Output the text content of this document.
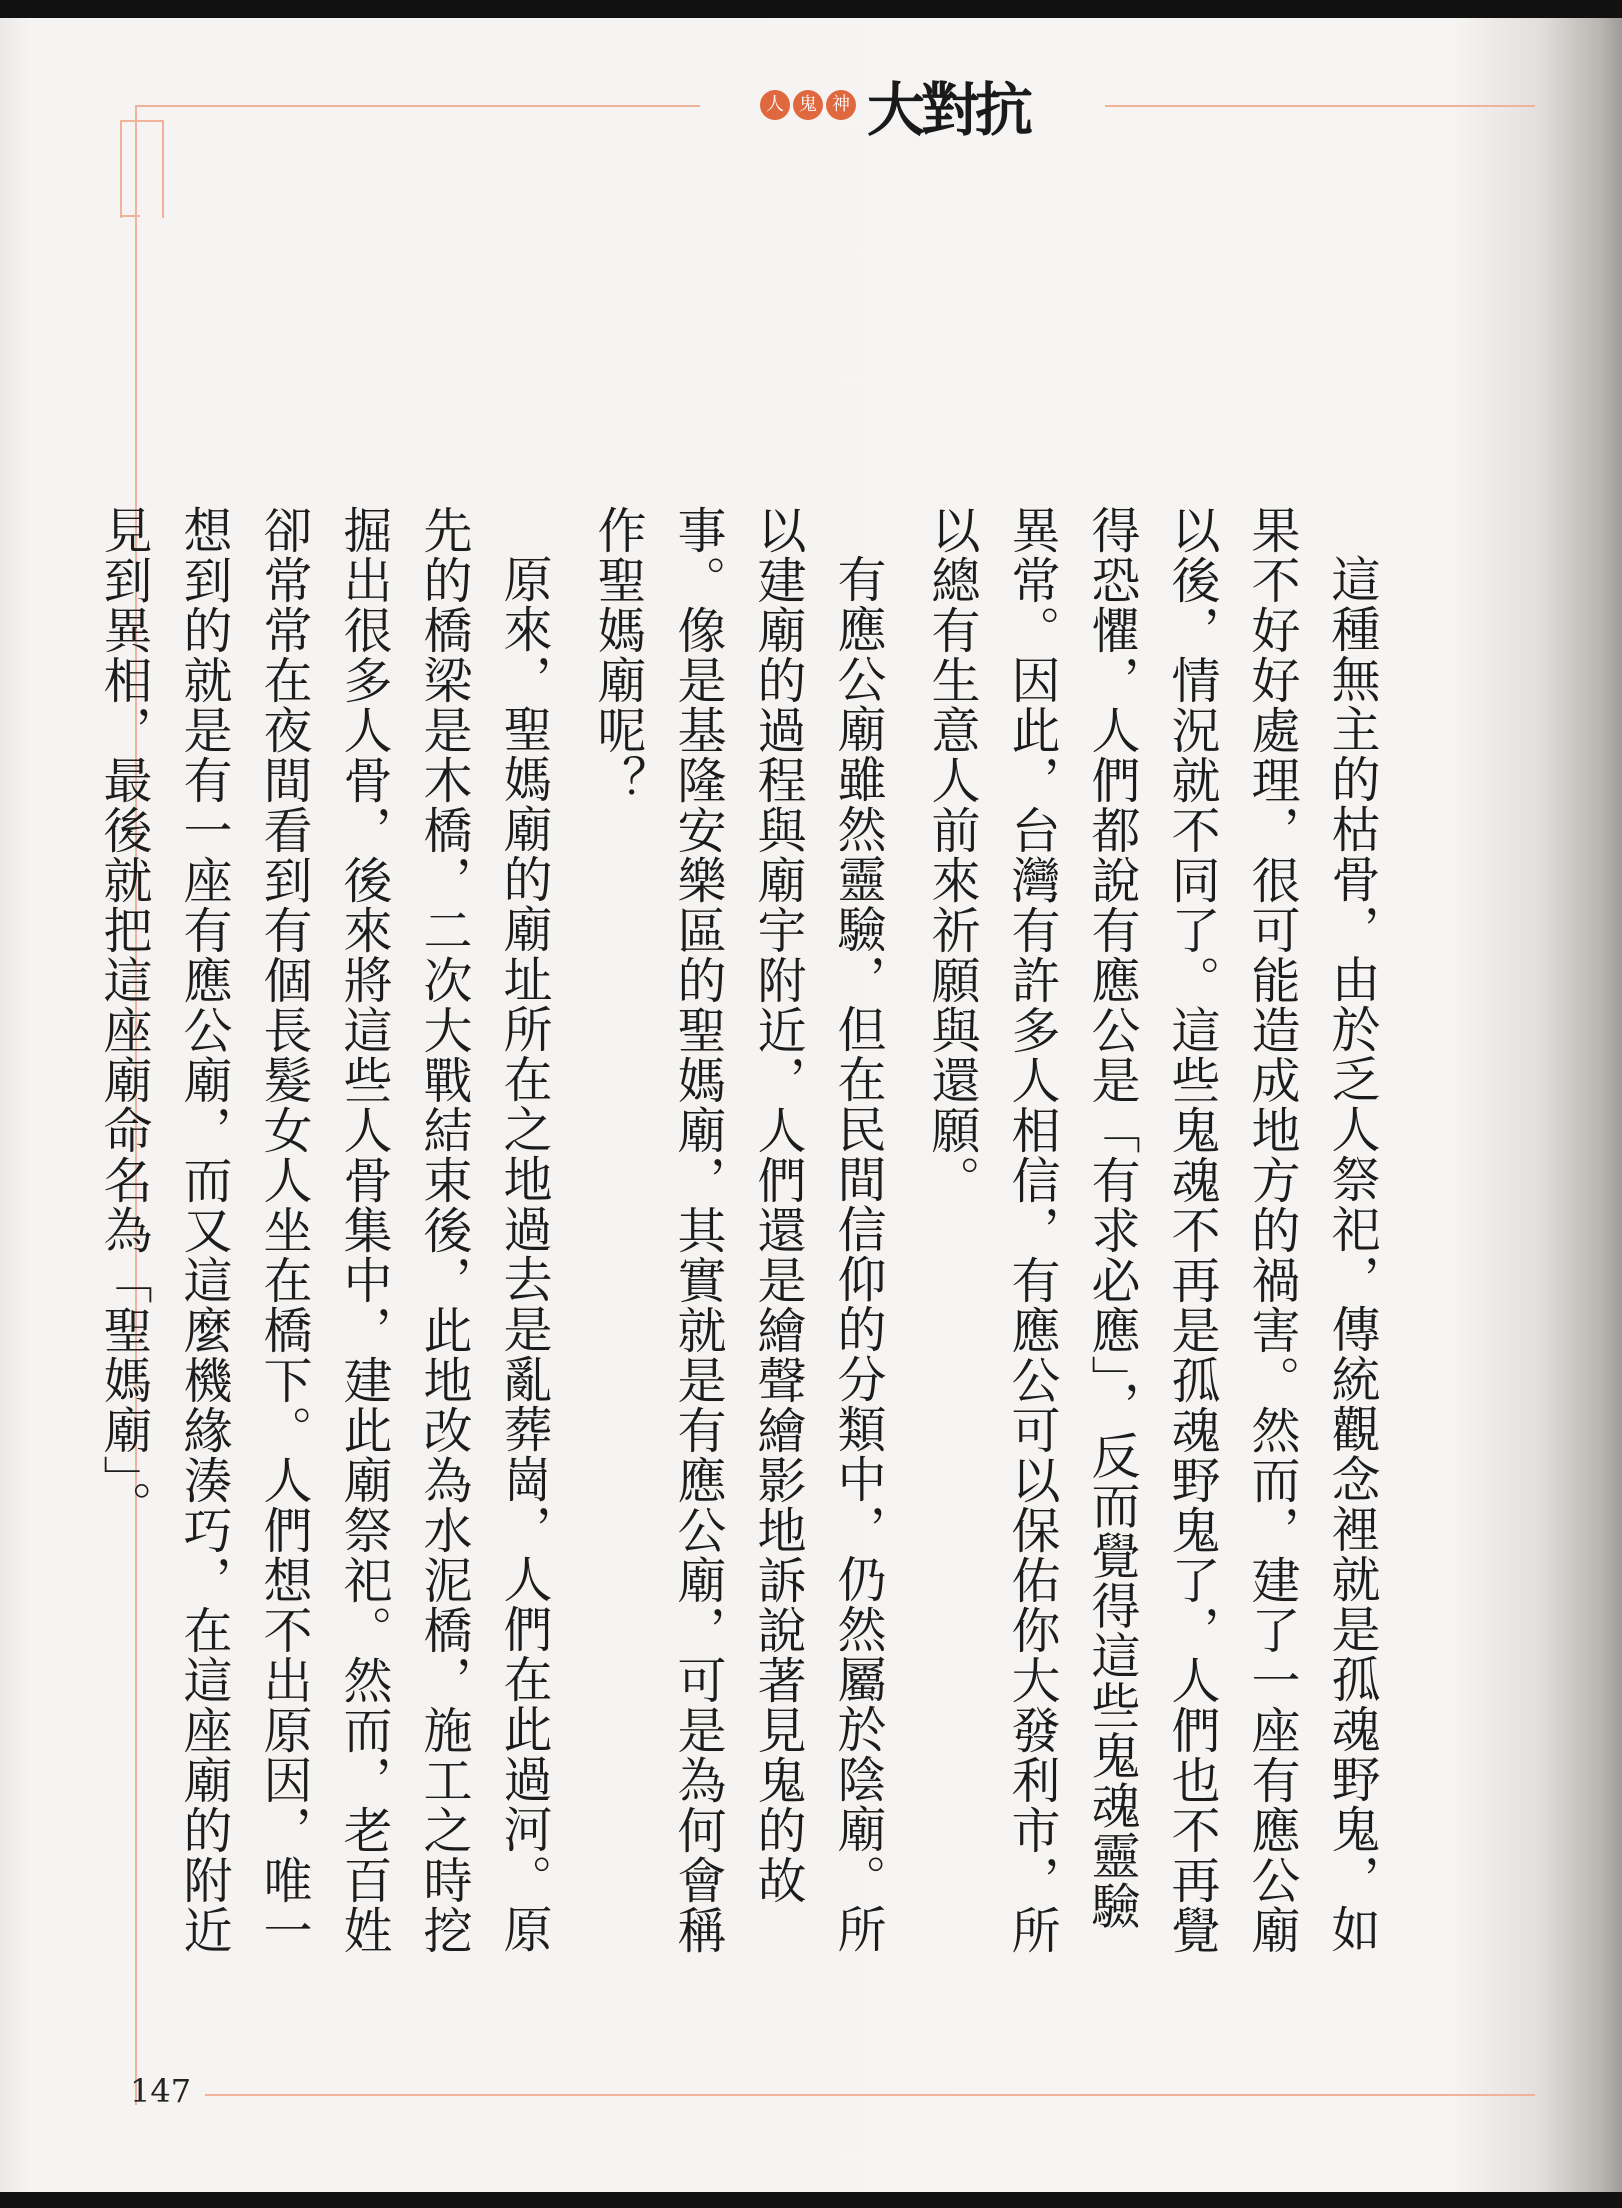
人 鬼 神 大對抗

這種無主的枯骨，由於乏人祭祀，傳統觀念裡就是孤魂野鬼，如果不好好處理，很可能造成地方的禍害。然而，建了一座有應公廟以後，情況就不同了。這些鬼魂不再是孤魂野鬼了，人們也不再覺得恐懼，人們都說有應公是「有求必應」，反而覺得這些鬼魂靈驗異常。因此，台灣有許多人相信，有應公可以保佑你大發利市，所以總有生意人前來祈願與還願。

有應公廟雖然靈驗，但在民間信仰的分類中，仍然屬於陰廟。所以建廟的過程與廟宇附近，人們還是繪聲繪影地訴說著見鬼的故事。像是基隆安樂區的聖媽廟，其實就是有應公廟，可是為何會稱作聖媽廟呢？

原來，聖媽廟的廟址所在之地過去是亂葬崗，人們在此過河。原先的橋梁是木橋，二次大戰結束後，此地改為水泥橋，施工之時挖掘出很多人骨，後來將這些人骨集中，建此廟祭祀。然而，老百姓卻常常在夜間看到有個長髮女人坐在橋下。人們想不出原因，唯一想到的就是有一座有應公廟，而又這麼機緣湊巧，在這座廟的附近見到異相，最後就把這座廟命名為「聖媽廟」。

147
